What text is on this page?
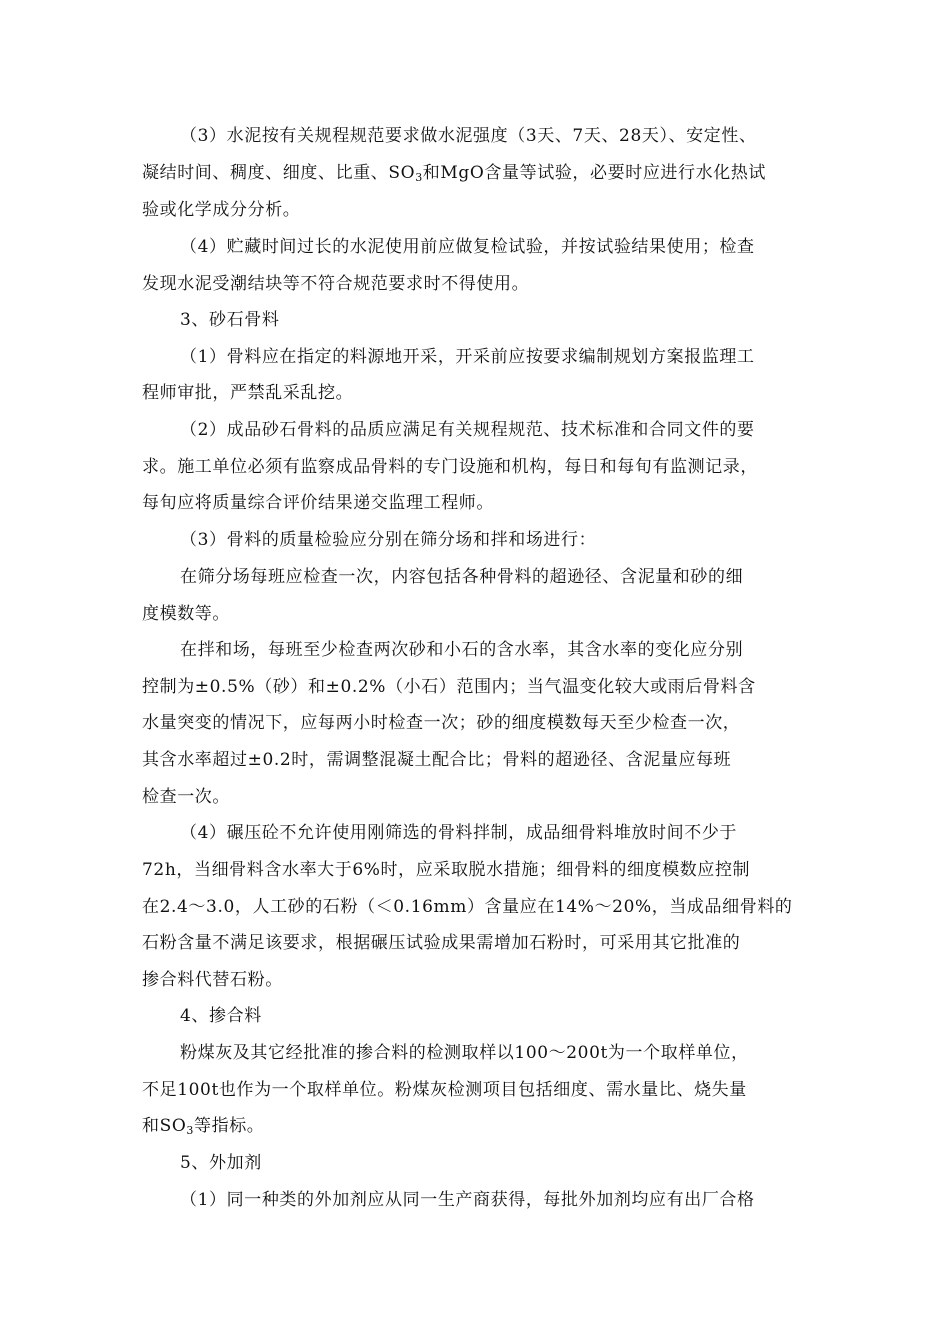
（3）水泥按有关规程规范要求做水泥强度（3天、7天、28天）、安定性、
凝结时间、稠度、细度、比重、$SO_3$和MgO含量等试验，必要时应进行水化热试
验或化学成分分析。
（4）贮藏时间过长的水泥使用前应做复检试验，并按试验结果使用；检查
发现水泥受潮结块等不符合规范要求时不得使用。
3、砂石骨料
（1）骨料应在指定的料源地开采，开采前应按要求编制规划方案报监理工
程师审批，严禁乱采乱挖。
（2）成品砂石骨料的品质应满足有关规程规范、技术标准和合同文件的要
求。施工单位必须有监察成品骨料的专门设施和机构，每日和每旬有监测记录，
每旬应将质量综合评价结果递交监理工程师。
（3）骨料的质量检验应分别在筛分场和拌和场进行：
在筛分场每班应检查一次，内容包括各种骨料的超逊径、含泥量和砂的细
度模数等。
在拌和场，每班至少检查两次砂和小石的含水率，其含水率的变化应分别
控制为±0.5%（砂）和±0.2%（小石）范围内；当气温变化较大或雨后骨料含
水量突变的情况下，应每两小时检查一次；砂的细度模数每天至少检查一次，
其含水率超过±0.2时，需调整混凝土配合比；骨料的超逊径、含泥量应每班
检查一次。
（4）碾压砼不允许使用刚筛选的骨料拌制，成品细骨料堆放时间不少于
72h，当细骨料含水率大于6%时，应采取脱水措施；细骨料的细度模数应控制
在2.4～3.0，人工砂的石粉（＜0.16mm）含量应在14%～20%，当成品细骨料的
石粉含量不满足该要求，根据碾压试验成果需增加石粉时，可采用其它批准的
掺合料代替石粉。
4、掺合料
粉煤灰及其它经批准的掺合料的检测取样以100～200t为一个取样单位，
不足100t也作为一个取样单位。粉煤灰检测项目包括细度、需水量比、烧失量
和$SO_3$等指标。
5、外加剂
（1）同一种类的外加剂应从同一生产商获得，每批外加剂均应有出厂合格
